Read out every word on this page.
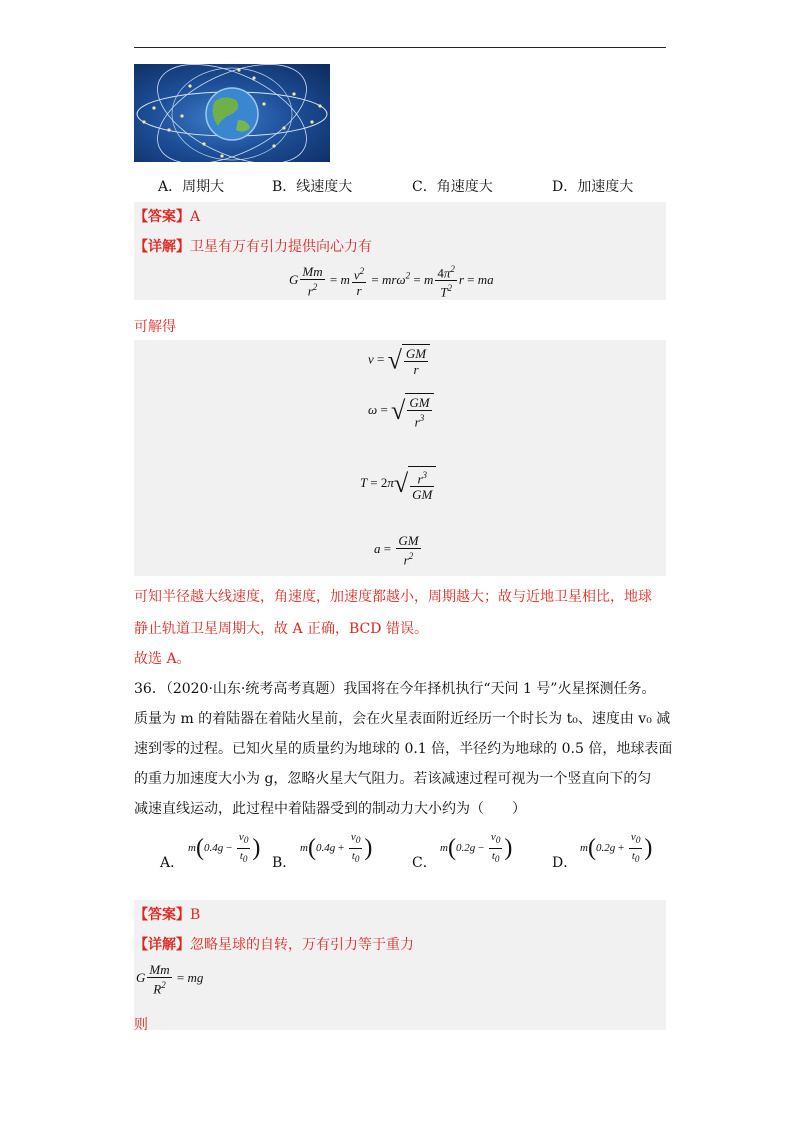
A．周期大	B．线速度大	C．角速度大	D．加速度大
【答案】A
【详解】卫星有万有引力提供向心力有
G $\frac{Mm}{r^2} = m \frac{v^2}{r} = mr\omega^2 = m \frac{4\pi^2}{T^2}$ r = ma
可解得
v = √ $\frac{GM}{r}$
ω = √ $\frac{GM}{r^3}$
$T = 2\pi√ \frac{r^3}{GM}$
$a = \frac{GM}{r^2}$
可知半径越大线速度，角速度，加速度都越小，周期越大；故与近地卫星相比，地球
静止轨道卫星周期大，故 A 正确，BCD 错误。
故选 A。
36．（2020·山东·统考高考真题）我国将在今年择机执行“天问 1 号”火星探测任务。
质量为 m 的着陆器在着陆火星前，会在火星表面附近经历一个时长为 t₀、速度由 v₀ 减
速到零的过程。已知火星的质量约为地球的 0.1 倍，半径约为地球的 0.5 倍，地球表面
的重力加速度大小为 g，忽略火星大气阻力。若该减速过程可视为一个竖直向下的匀
减速直线运动，此过程中着陆器受到的制动力大小约为（　　）
A．
$m(0.4g - \frac{v_0}{t_0}$ )
B．
$m(0.4g + \frac{v_0}{t_0}$ )
C．
$m(0.2g - \frac{v_0}{t_0}$ )
D．
$m(0.2g + \frac{v_0}{t_0}$ )
【答案】B
【详解】忽略星球的自转，万有引力等于重力
G $\frac{Mm}{R^2}$ = mg
则
